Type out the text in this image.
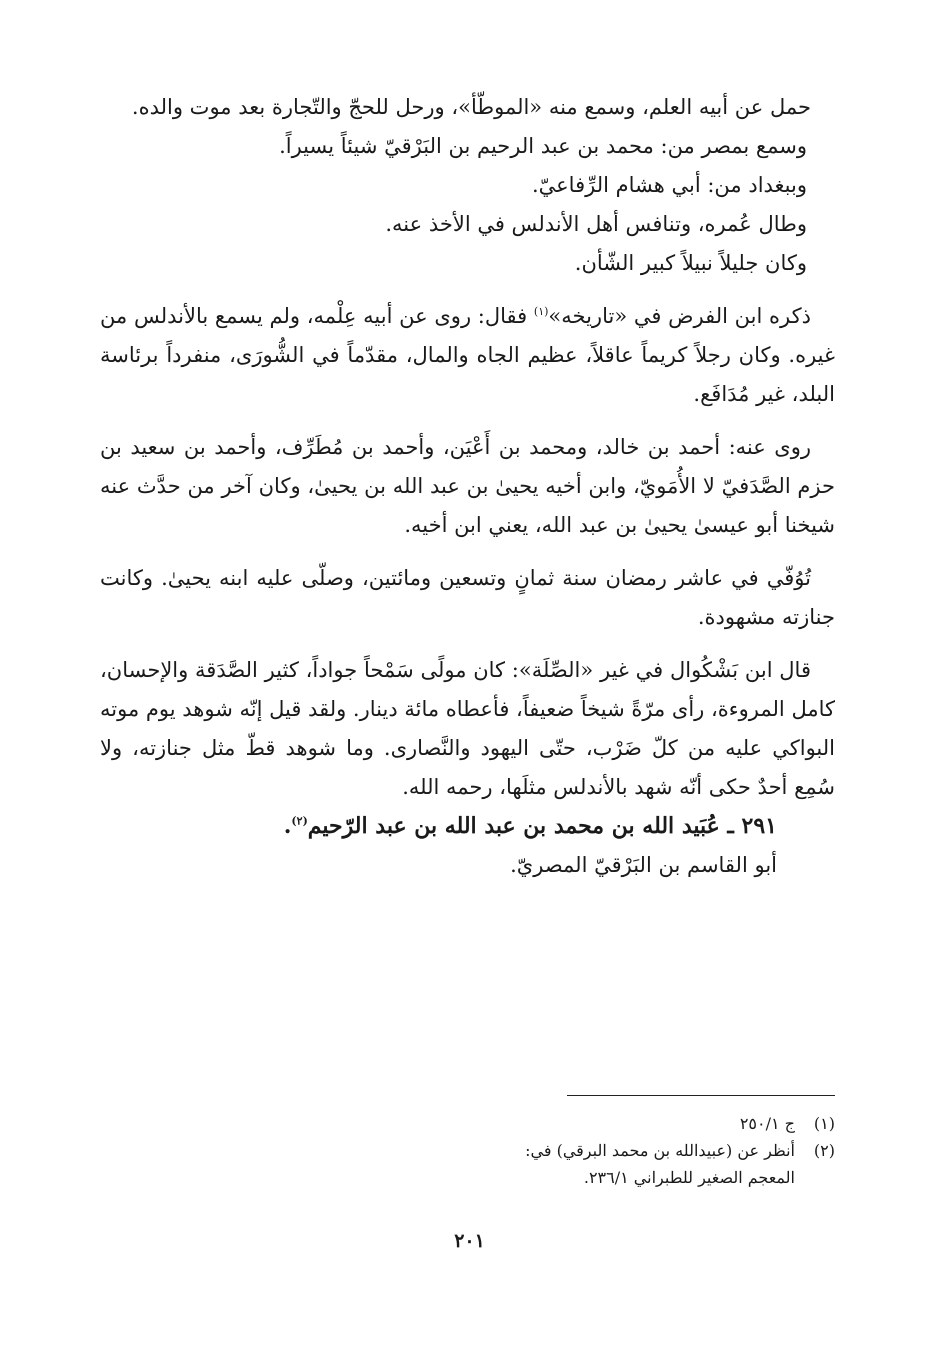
حمل عن أبيه العلم، وسمع منه «الموطّأ»، ورحل للحجّ والتّجارة بعد موت والده.

وسمع بمصر من: محمد بن عبد الرحيم بن البَرْقيّ شيئاً يسيراً.

وببغداد من: أبي هشام الرِّفاعيّ.

وطال عُمره، وتنافس أهل الأندلس في الأخذ عنه.

وكان جليلاً نبيلاً كبير الشّأن.

ذكره ابن الفرض في «تاريخه»$^{(١)}$ فقال: روى عن أبيه عِلْمه، ولم يسمع بالأندلس من غيره. وكان رجلاً كريماً عاقلاً، عظيم الجاه والمال، مقدّماً في الشُّورَى، منفرداً برئاسة البلد، غير مُدَافَع.

روى عنه: أحمد بن خالد، ومحمد بن أَعْيَن، وأحمد بن مُطَرِّف، وأحمد بن سعيد بن حزم الصَّدَفيّ لا الأُمَويّ، وابن أخيه يحيىٰ بن عبد الله بن يحيىٰ، وكان آخر من حدَّث عنه شيخنا أبو عيسىٰ يحيىٰ بن عبد الله، يعني ابن أخيه.

تُوُفّي في عاشر رمضان سنة ثمانٍ وتسعين ومائتين، وصلّى عليه ابنه يحيىٰ. وكانت جنازته مشهودة.

قال ابن بَشْكُوال في غير «الصِّلَة»: كان مولًى سَمْحاً جواداً، كثير الصَّدَقة والإحسان، كامل المروءة، رأى مرّةً شيخاً ضعيفاً، فأعطاه مائة دينار. ولقد قيل إنّه شوهد يوم موته البواكي عليه من كلّ ضَرْب، حتّى اليهود والنَّصارى. وما شوهد قطّ مثل جنازته، ولا سُمِع أحدٌ حكى أنّه شهد بالأندلس مثلَها، رحمه الله.

٢٩١ ـ عُبَيد الله بن محمد بن عبد الله بن عبد الرّحيم$^{(٢)}$.

أبو القاسم بن البَرْقيّ المصريّ.

(١)ج ٢٥٠/١

(٢)أنظر عن (عبيدالله بن محمد البرقي) في:

المعجم الصغير للطبراني ٢٣٦/١.

٢٠١
